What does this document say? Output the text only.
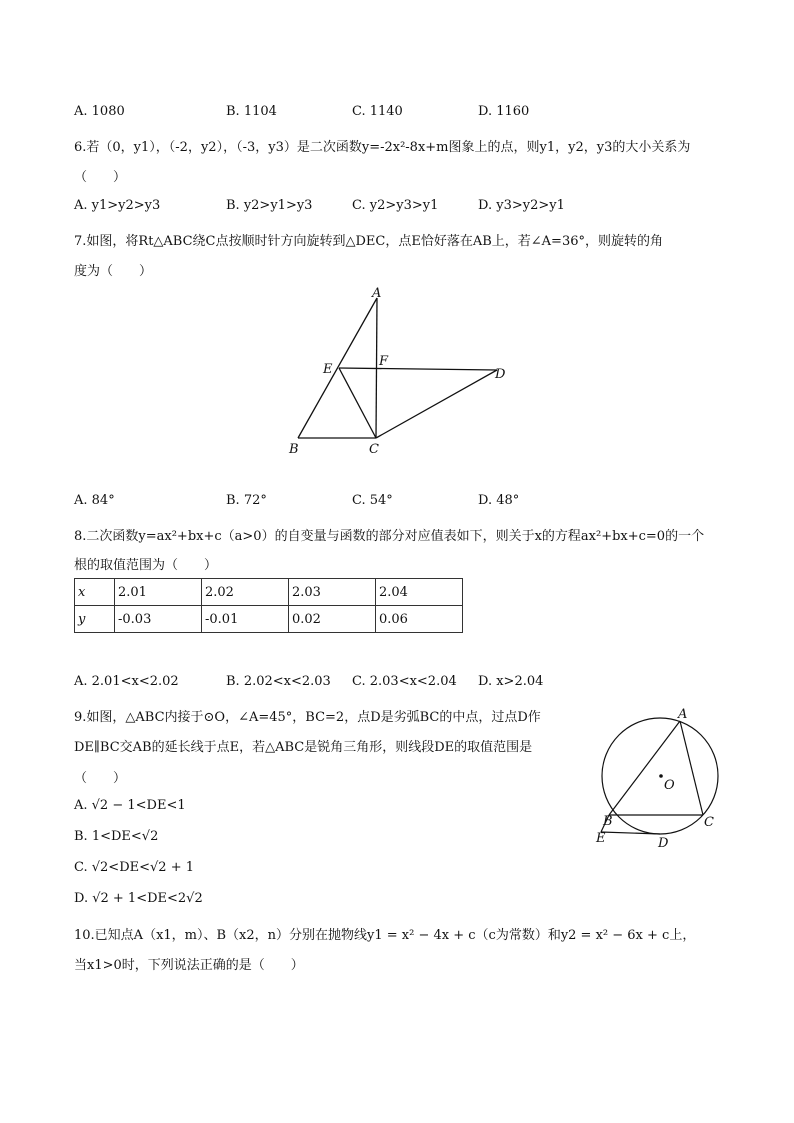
A. 1080	B. 1104	C. 1140	D. 1160
6.若（0，y1），（-2，y2），（-3，y3）是二次函数y=-2x²-8x+m图象上的点，则y1，y2，y3的大小关系为
（　　）
A. y1>y2>y3	B. y2>y1>y3	C. y2>y3>y1	D. y3>y2>y1
7.如图，将Rt△ABC绕C点按顺时针方向旋转到△DEC，点E恰好落在AB上，若∠A=36°，则旋转的角
度为（　　）
A
E
F
D
B	C
A
O
B	C
E	D
A. 84°	B. 72°	C. 54°	D. 48°
8.二次函数y=ax²+bx+c（a>0）的自变量与函数的部分对应值表如下，则关于x的方程ax²+bx+c=0的一个
根的取值范围为（　　）
x	2.01	2.02	2.03	2.04
y	-0.03	-0.01	0.02	0.06
A. 2.01<x<2.02	B. 2.02<x<2.03 C. 2.03<x<2.04 D. x>2.04
9.如图，△ABC内接于⊙O，∠A=45°，BC=2，点D是劣弧BC的中点，过点D作
DE∥BC交AB的延长线于点E，若△ABC是锐角三角形，则线段DE的取值范围是
（　　）
A. √2 − 1<DE<1
B. 1<DE<√2
C. √2<DE<√2 + 1
D. √2 + 1<DE<2√2
10.已知点A（x1，m）、B（x2，n）分别在抛物线y1 = x² − 4x + c（c为常数）和y2 = x² − 6x + c上，
当x1>0时，下列说法正确的是（　　）
